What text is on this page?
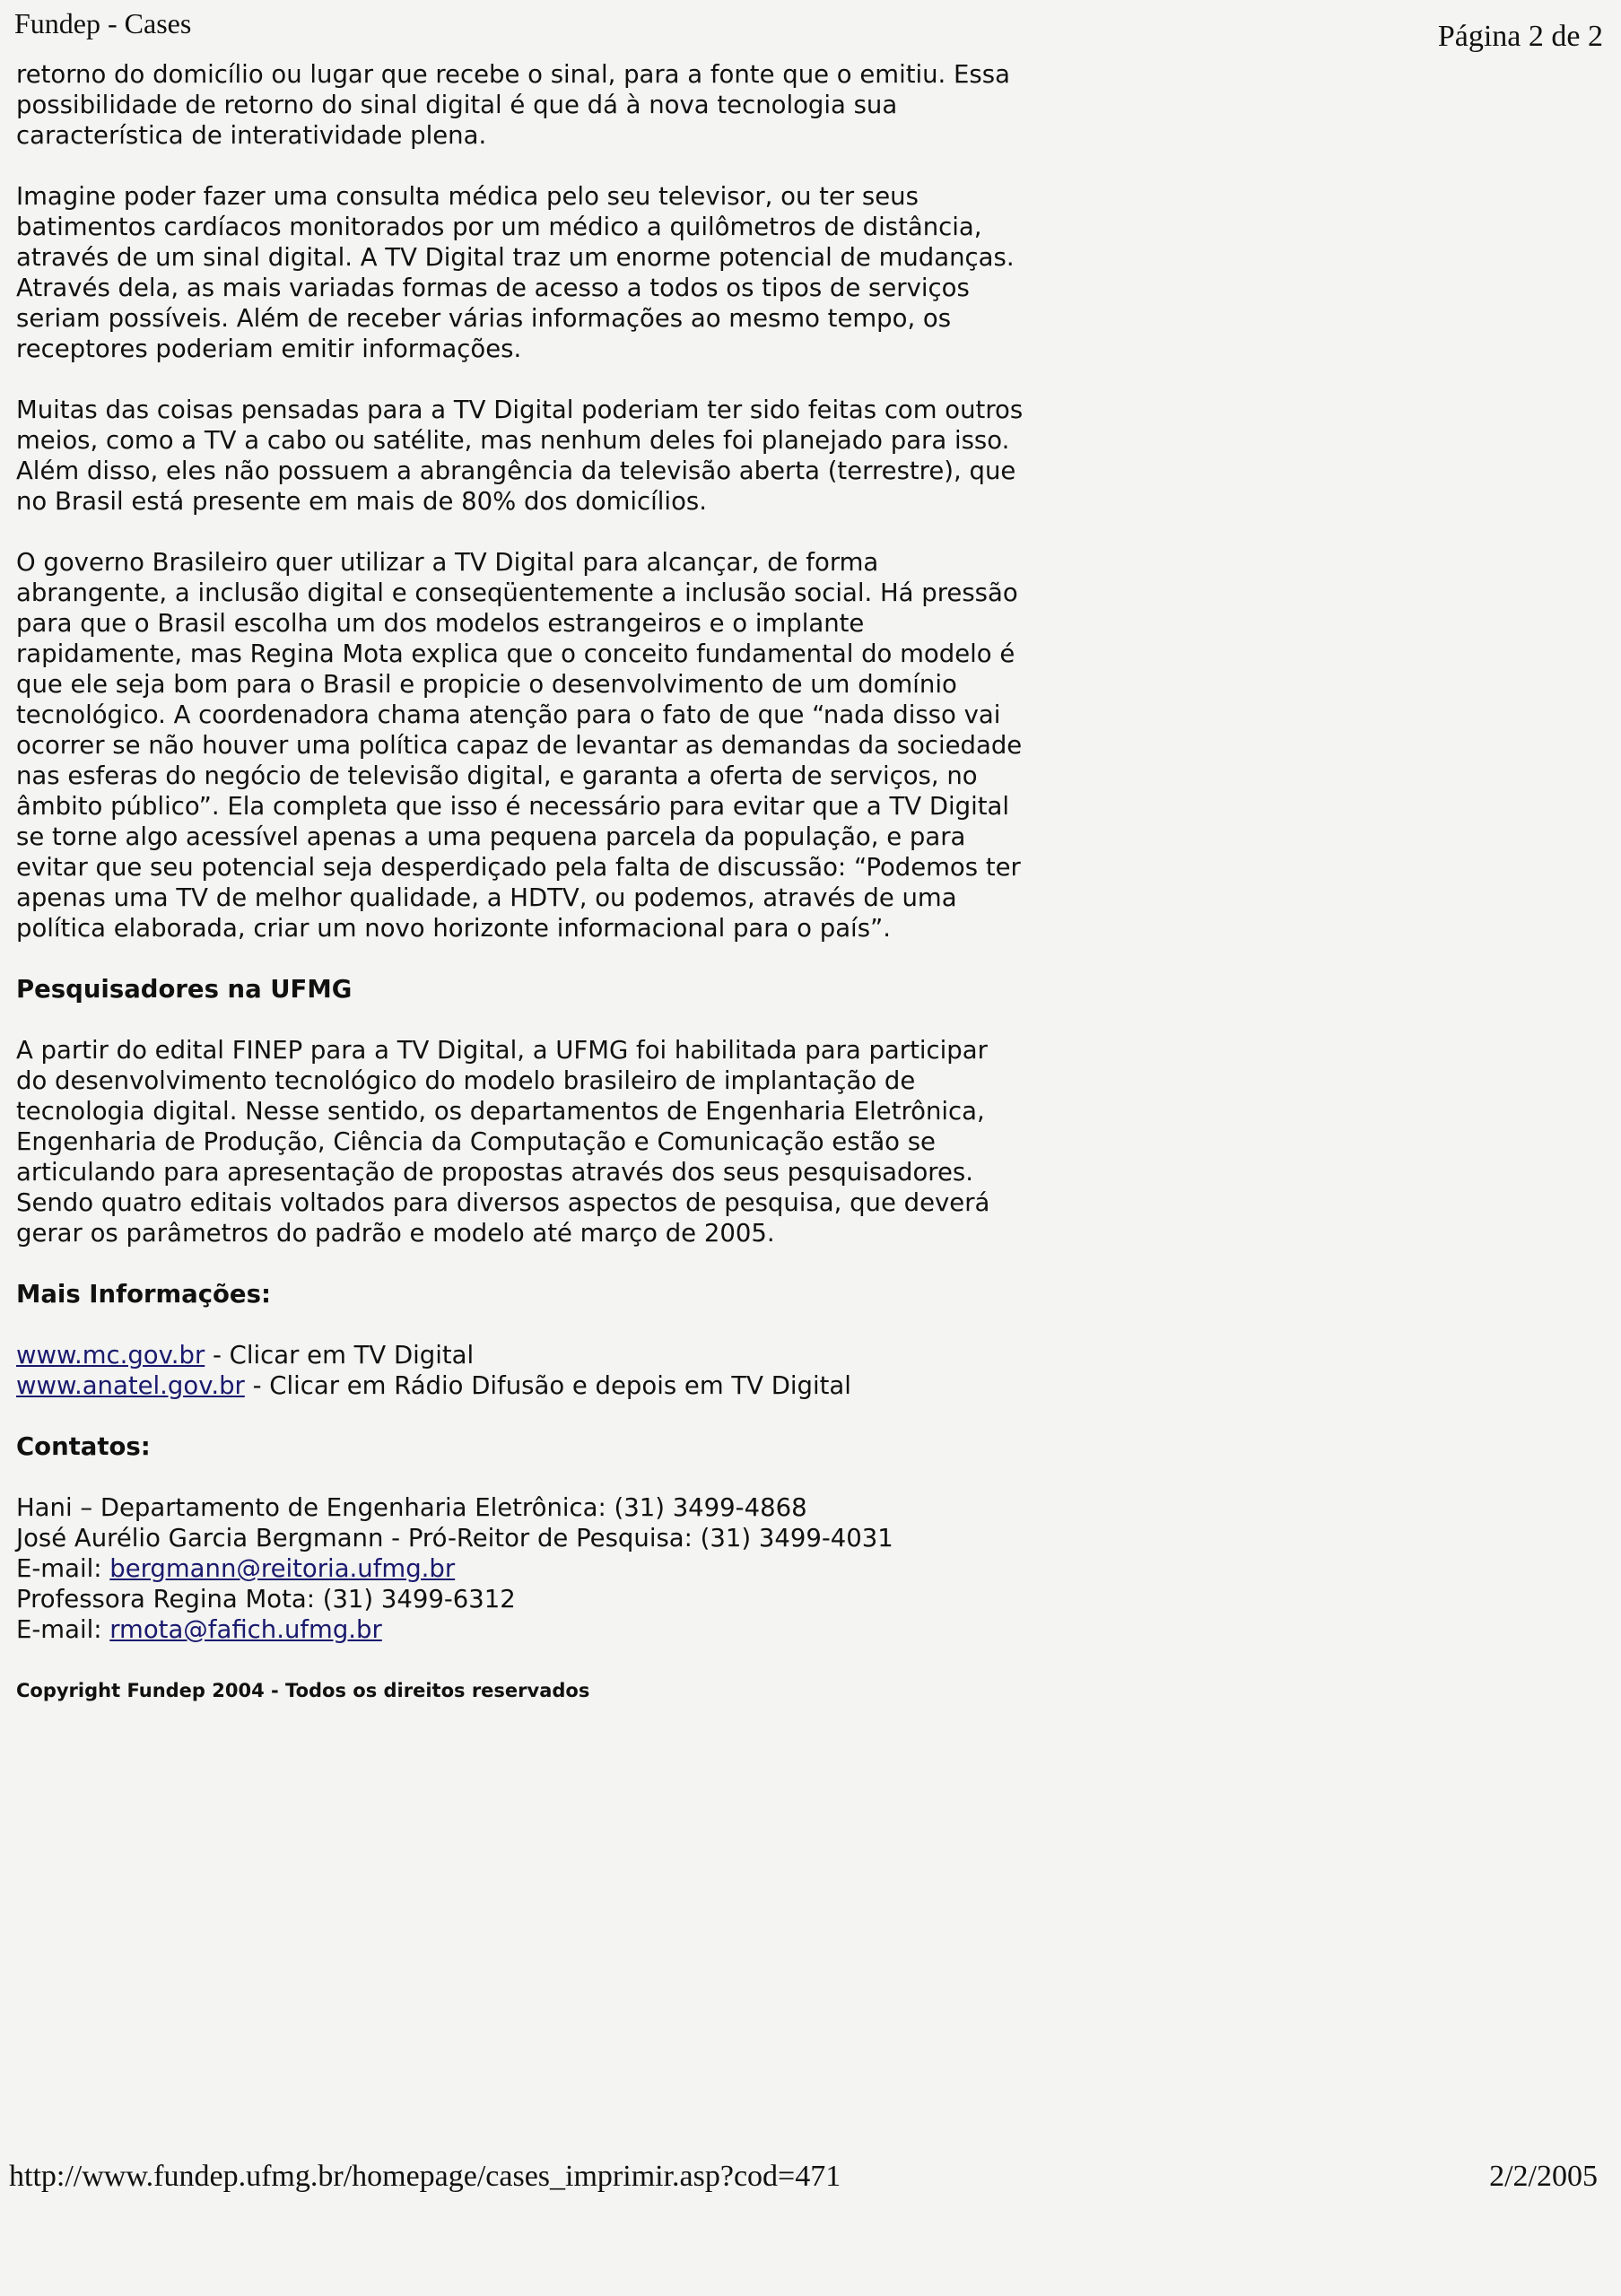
Fundep - Cases	Página 2 de 2

retorno do domicílio ou lugar que recebe o sinal, para a fonte que o emitiu. Essa
possibilidade de retorno do sinal digital é que dá à nova tecnologia sua
característica de interatividade plena.

Imagine poder fazer uma consulta médica pelo seu televisor, ou ter seus
batimentos cardíacos monitorados por um médico a quilômetros de distância,
através de um sinal digital. A TV Digital traz um enorme potencial de mudanças.
Através dela, as mais variadas formas de acesso a todos os tipos de serviços
seriam possíveis. Além de receber várias informações ao mesmo tempo, os
receptores poderiam emitir informações.

Muitas das coisas pensadas para a TV Digital poderiam ter sido feitas com outros
meios, como a TV a cabo ou satélite, mas nenhum deles foi planejado para isso.
Além disso, eles não possuem a abrangência da televisão aberta (terrestre), que
no Brasil está presente em mais de 80% dos domicílios.

O governo Brasileiro quer utilizar a TV Digital para alcançar, de forma
abrangente, a inclusão digital e conseqüentemente a inclusão social. Há pressão
para que o Brasil escolha um dos modelos estrangeiros e o implante
rapidamente, mas Regina Mota explica que o conceito fundamental do modelo é
que ele seja bom para o Brasil e propicie o desenvolvimento de um domínio
tecnológico. A coordenadora chama atenção para o fato de que “nada disso vai
ocorrer se não houver uma política capaz de levantar as demandas da sociedade
nas esferas do negócio de televisão digital, e garanta a oferta de serviços, no
âmbito público”. Ela completa que isso é necessário para evitar que a TV Digital
se torne algo acessível apenas a uma pequena parcela da população, e para
evitar que seu potencial seja desperdiçado pela falta de discussão: “Podemos ter
apenas uma TV de melhor qualidade, a HDTV, ou podemos, através de uma
política elaborada, criar um novo horizonte informacional para o país”.

Pesquisadores na UFMG

A partir do edital FINEP para a TV Digital, a UFMG foi habilitada para participar
do desenvolvimento tecnológico do modelo brasileiro de implantação de
tecnologia digital. Nesse sentido, os departamentos de Engenharia Eletrônica,
Engenharia de Produção, Ciência da Computação e Comunicação estão se
articulando para apresentação de propostas através dos seus pesquisadores.
Sendo quatro editais voltados para diversos aspectos de pesquisa, que deverá
gerar os parâmetros do padrão e modelo até março de 2005.

Mais Informações:

www.mc.gov.br - Clicar em TV Digital
www.anatel.gov.br - Clicar em Rádio Difusão e depois em TV Digital

Contatos:

Hani – Departamento de Engenharia Eletrônica: (31) 3499-4868
José Aurélio Garcia Bergmann - Pró-Reitor de Pesquisa: (31) 3499-4031
E-mail: bergmann@reitoria.ufmg.br
Professora Regina Mota: (31) 3499-6312
E-mail: rmota@fafich.ufmg.br

Copyright Fundep 2004 - Todos os direitos reservados
http://www.fundep.ufmg.br/homepage/cases_imprimir.asp?cod=471	2/2/2005
